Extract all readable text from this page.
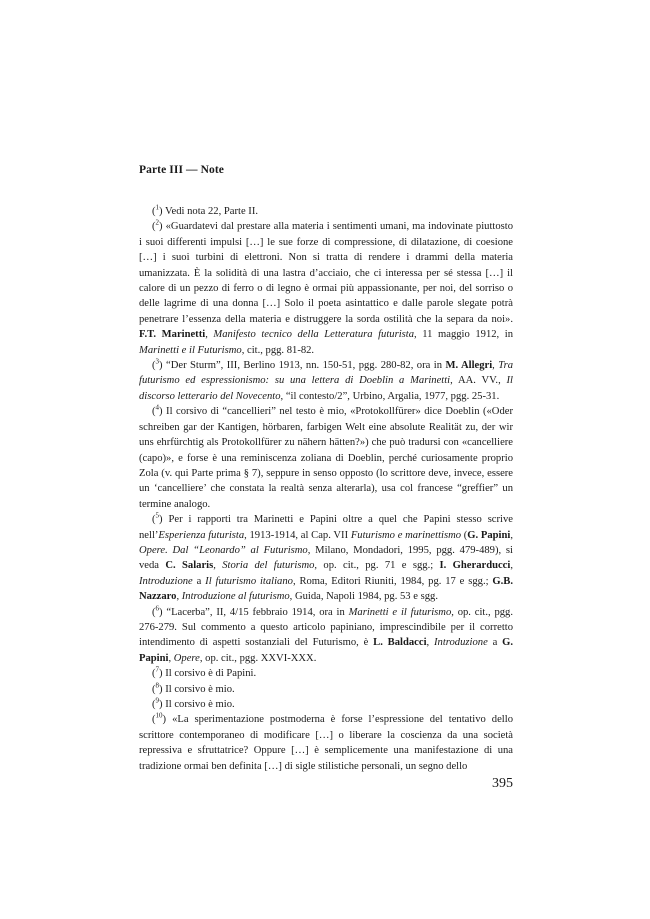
Parte III — Note

($^1$) Vedi nota 22, Parte II.

($^2$) «Guardatevi dal prestare alla materia i sentimenti umani, ma indovinate piuttosto i suoi differenti impulsi […] le sue forze di compressione, di dilatazione, di coesione […] i suoi turbini di elettroni. Non si tratta di rendere i drammi della materia umanizzata. È la solidità di una lastra d’acciaio, che ci interessa per sé stessa […] il calore di un pezzo di ferro o di legno è ormai più appassionante, per noi, del sorriso o delle lagrime di una donna […] Solo il poeta asintattico e dalle parole slegate potrà penetrare l’essenza della materia e distruggere la sorda ostilità che la separa da noi». F.T. Marinetti, Manifesto tecnico della Letteratura futurista, 11 maggio 1912, in Marinetti e il Futurismo, cit., pgg. 81-82.

($^3$) “Der Sturm”, III, Berlino 1913, nn. 150-51, pgg. 280-82, ora in M. Allegri, Tra futurismo ed espressionismo: su una lettera di Doeblin a Marinetti, AA. VV., Il discorso letterario del Novecento, “il contesto/2”, Urbino, Argalia, 1977, pgg. 25-31.

($^4$) Il corsivo di “cancellieri” nel testo è mio, «Protokollfürer» dice Doeblin («Oder schreiben gar der Kantigen, hörbaren, farbigen Welt eine absolute Realität zu, der wir uns ehrfürchtig als Protokollfürer zu nähern hätten?») che può tradursi con «cancelliere (capo)», e forse è una reminiscenza zoliana di Doeblin, perché curiosamente proprio Zola (v. qui Parte prima § 7), seppure in senso opposto (lo scrittore deve, invece, essere un ‘cancelliere’ che constata la realtà senza alterarla), usa col francese “greffier” un termine analogo.

($^5$) Per i rapporti tra Marinetti e Papini oltre a quel che Papini stesso scrive nell’Esperienza futurista, 1913-1914, al Cap. VII Futurismo e marinettismo (G. Papini, Opere. Dal “Leonardo” al Futurismo, Milano, Mondadori, 1995, pgg. 479-489), si veda C. Salaris, Storia del futurismo, op. cit., pg. 71 e sgg.; I. Gherarducci, Introduzione a Il futurismo italiano, Roma, Editori Riuniti, 1984, pg. 17 e sgg.; G.B. Nazzaro, Introduzione al futurismo, Guida, Napoli 1984, pg. 53 e sgg.

($^6$) “Lacerba”, II, 4/15 febbraio 1914, ora in Marinetti e il futurismo, op. cit., pgg. 276-279. Sul commento a questo articolo papiniano, imprescindibile per il corretto intendimento di aspetti sostanziali del Futurismo, è L. Baldacci, Introduzione a G. Papini, Opere, op. cit., pgg. XXVI-XXX.

($^7$) Il corsivo è di Papini.

($^8$) Il corsivo è mio.

($^9$) Il corsivo è mio.

($^{10}$) «La sperimentazione postmoderna è forse l’espressione del tentativo dello scrittore contemporaneo di modificare […] o liberare la coscienza da una società repressiva e sfruttatrice? Oppure […] è semplicemente una manifestazione di una tradizione ormai ben definita […] di sigle stilistiche personali, un segno dello

395
